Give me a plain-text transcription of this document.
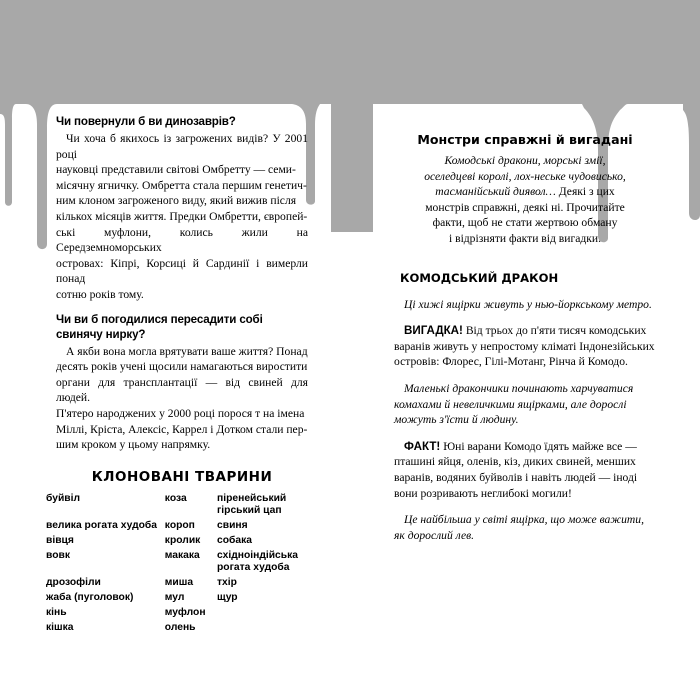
Чи повернули б ви динозаврів?

Чи хоча б якихось із загрожених видів? У 2001 році

науковці представили світові Омбретту — семи-

місячну ягничку. Омбретта стала першим генетич-

ним клоном загроженого виду, який вижив після

кількох місяців життя. Предки Омбретти, європей-

ські муфлони, колись жили на Середземноморських

островах: Кіпрі, Корсиці й Сардинії і вимерли понад

сотню років тому.

Чи ви б погодилися пересадити собі свинячу нирку?

А якби вона могла врятувати ваше життя? Понад

десять років учені щосили намагаються виростити

органи для трансплантації — від свиней для людей.

П'ятеро народжених у 2000 році порося т на імена

Міллі, Кріста, Алексіс, Каррел і Дотком стали пер-

шим кроком у цьому напрямку.

КЛОНОВАНІ ТВАРИНИ
буйвіл	коза	піренейський гірський цап
велика рогата худоба	короп	свиня
вівця	кролик	собака
вовк	макака	східноіндійська рогата худоба
дрозофіли	миша	тхір
жаба (пуголовок)	мул	щур
кінь	муфлон	
кішка	олень	
Монстри справжні й вигадані

Комодські дракони, морські змії,

оселедцеві королі, лох-неське чудовисько,

тасманійський диявол… Деякі з цих

монстрів справжні, деякі ні. Прочитайте

факти, щоб не стати жертвою обману

і відрізняти факти від вигадки.

КОМОДСЬКИЙ ДРАКОН
Ці хижі ящірки живуть у нью-йоркському метро.
ВИГАДКА! Від трьох до п'яти тисяч комодських
варанів живуть у непростому кліматі Індонезійських
островів: Флорес, Гілі-Мотанг, Рінча й Комодо.
Маленькі дракончики починають харчуватися
комахами й невеличкими ящірками, але дорослі
можуть з'їсти й людину.
ФАКТ! Юні варани Комодо їдять майже все —
пташині яйця, оленів, кіз, диких свиней, менших
варанів, водяних буйволів і навіть людей — іноді
вони розривають неглибокі могили!
Це найбільша у світі ящірка, що може важити,
як дорослий лев.
